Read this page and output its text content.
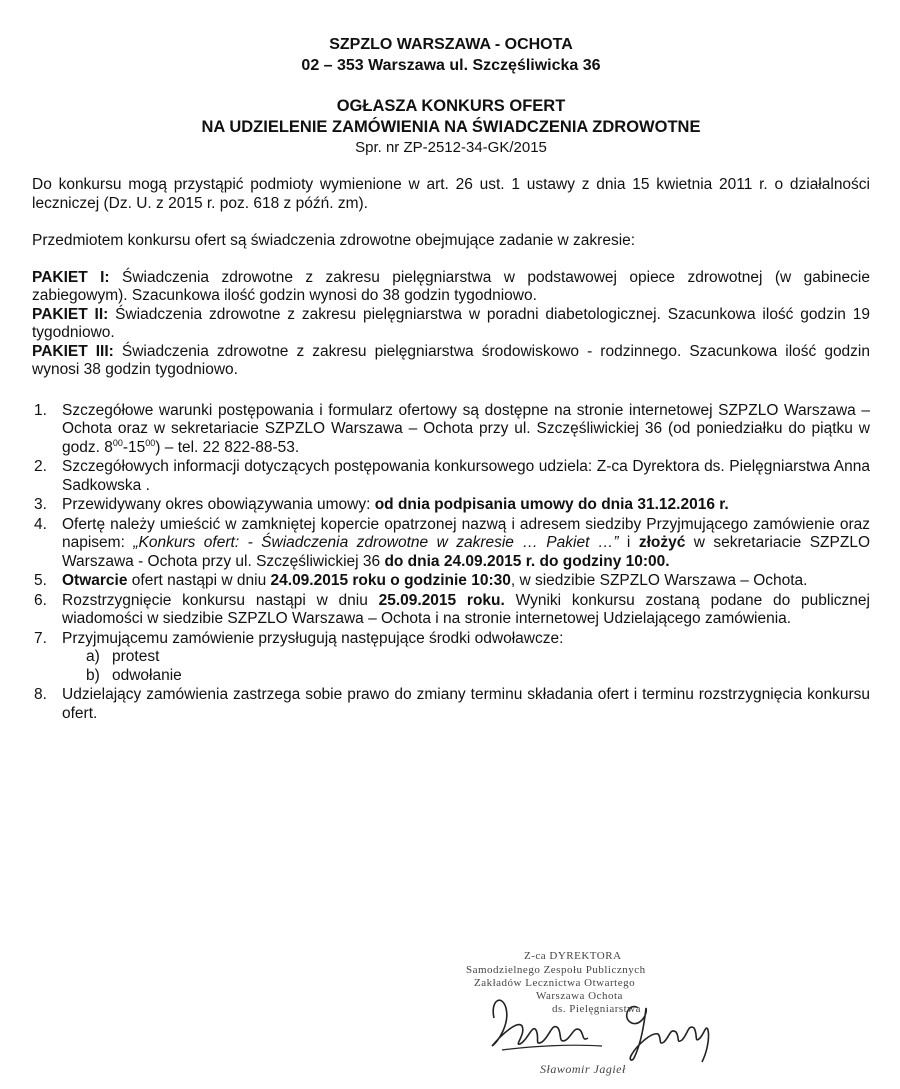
SZPZLO WARSZAWA - OCHOTA
02 – 353 Warszawa ul. Szczęśliwicka 36
OGŁASZA KONKURS OFERT
NA UDZIELENIE ZAMÓWIENIA NA ŚWIADCZENIA ZDROWOTNE
Spr. nr ZP-2512-34-GK/2015

Do konkursu mogą przystąpić podmioty wymienione w art. 26 ust. 1 ustawy z dnia 15 kwietnia 2011 r. o działalności leczniczej (Dz. U. z 2015 r. poz. 618 z późń. zm).

Przedmiotem konkursu ofert są świadczenia zdrowotne obejmujące zadanie w zakresie:

PAKIET I: Świadczenia zdrowotne z zakresu pielęgniarstwa w podstawowej opiece zdrowotnej (w gabinecie zabiegowym). Szacunkowa ilość godzin wynosi do 38 godzin tygodniowo.

PAKIET II: Świadczenia zdrowotne z zakresu pielęgniarstwa w poradni diabetologicznej. Szacunkowa ilość godzin 19 tygodniowo.

PAKIET III: Świadczenia zdrowotne z zakresu pielęgniarstwa środowiskowo - rodzinnego. Szacunkowa ilość godzin wynosi 38 godzin tygodniowo.

1. Szczegółowe warunki postępowania i formularz ofertowy są dostępne na stronie internetowej SZPZLO Warszawa – Ochota oraz w sekretariacie SZPZLO Warszawa – Ochota przy ul. Szczęśliwickiej 36 (od poniedziałku do piątku w godz. $8^{00}-15^{00}$) – tel. 22 822-88-53.
2. Szczegółowych informacji dotyczących postępowania konkursowego udziela: Z-ca Dyrektora ds. Pielęgniarstwa Anna Sadkowska .
3. Przewidywany okres obowiązywania umowy: od dnia podpisania umowy do dnia 31.12.2016 r.
4. Ofertę należy umieścić w zamkniętej kopercie opatrzonej nazwą i adresem siedziby Przyjmującego zamówienie oraz napisem: „Konkurs ofert: - Świadczenia zdrowotne w zakresie … Pakiet …” i złożyć w sekretariacie SZPZLO Warszawa - Ochota przy ul. Szczęśliwickiej 36 do dnia 24.09.2015 r. do godziny 10:00.
5. Otwarcie ofert nastąpi w dniu 24.09.2015 roku o godzinie 10:30, w siedzibie SZPZLO Warszawa – Ochota.
6. Rozstrzygnięcie konkursu nastąpi w dniu 25.09.2015 roku. Wyniki konkursu zostaną podane do publicznej wiadomości w siedzibie SZPZLO Warszawa – Ochota i na stronie internetowej Udzielającego zamówienia.
7. Przyjmującemu zamówienie przysługują następujące środki odwoławcze:
a) protest
b) odwołanie
8. Udzielający zamówienia zastrzega sobie prawo do zmiany terminu składania ofert i terminu rozstrzygnięcia konkursu ofert.
Z-ca DYREKTORA
Samodzielnego Zespołu Publicznych
Zakładów Lecznictwa Otwartego
Warszawa Ochota
ds. Pielęgniarstwa
Sławomir Jagieł
